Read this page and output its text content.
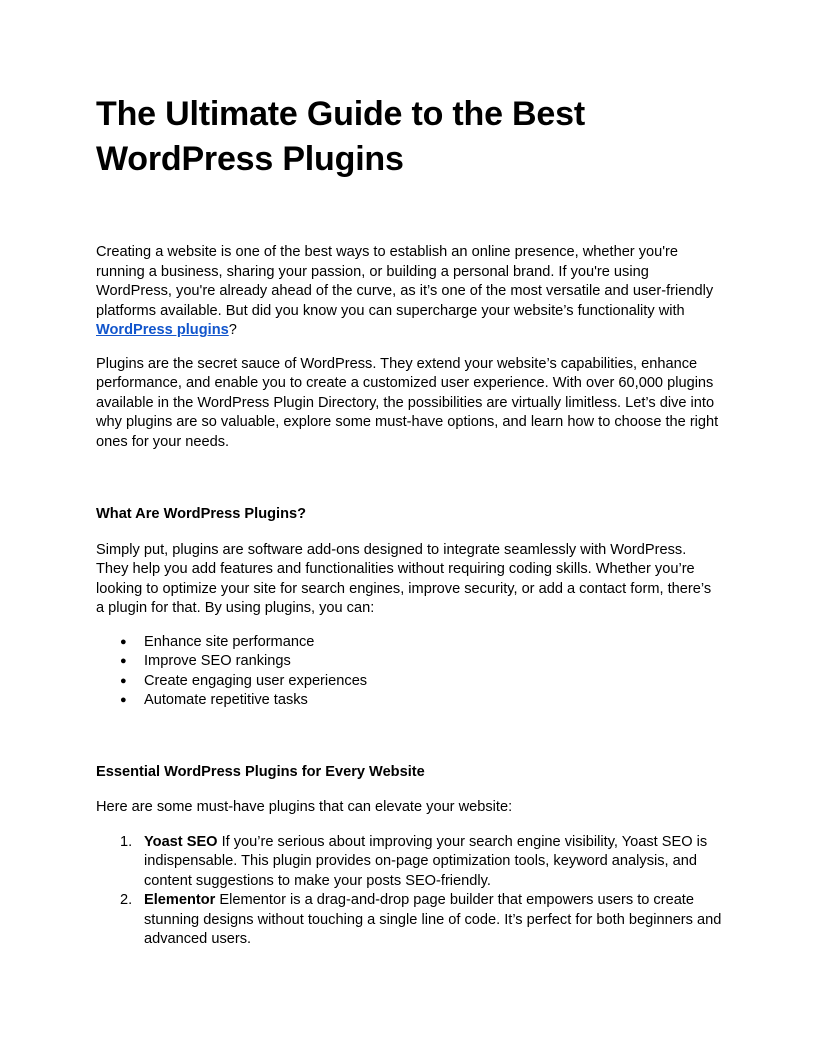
The Ultimate Guide to the Best WordPress Plugins

Creating a website is one of the best ways to establish an online presence, whether you're running a business, sharing your passion, or building a personal brand. If you're using WordPress, you're already ahead of the curve, as it’s one of the most versatile and user-friendly platforms available. But did you know you can supercharge your website’s functionality with WordPress plugins?

Plugins are the secret sauce of WordPress. They extend your website’s capabilities, enhance performance, and enable you to create a customized user experience. With over 60,000 plugins available in the WordPress Plugin Directory, the possibilities are virtually limitless. Let’s dive into why plugins are so valuable, explore some must-have options, and learn how to choose the right ones for your needs.

What Are WordPress Plugins?

Simply put, plugins are software add-ons designed to integrate seamlessly with WordPress. They help you add features and functionalities without requiring coding skills. Whether you’re looking to optimize your site for search engines, improve security, or add a contact form, there’s a plugin for that. By using plugins, you can:

● Enhance site performance
● Improve SEO rankings
● Create engaging user experiences
● Automate repetitive tasks
Essential WordPress Plugins for Every Website

Here are some must-have plugins that can elevate your website:

1. Yoast SEO If you’re serious about improving your search engine visibility, Yoast SEO is indispensable. This plugin provides on-page optimization tools, keyword analysis, and content suggestions to make your posts SEO-friendly.
2. Elementor Elementor is a drag-and-drop page builder that empowers users to create stunning designs without touching a single line of code. It’s perfect for both beginners and advanced users.
